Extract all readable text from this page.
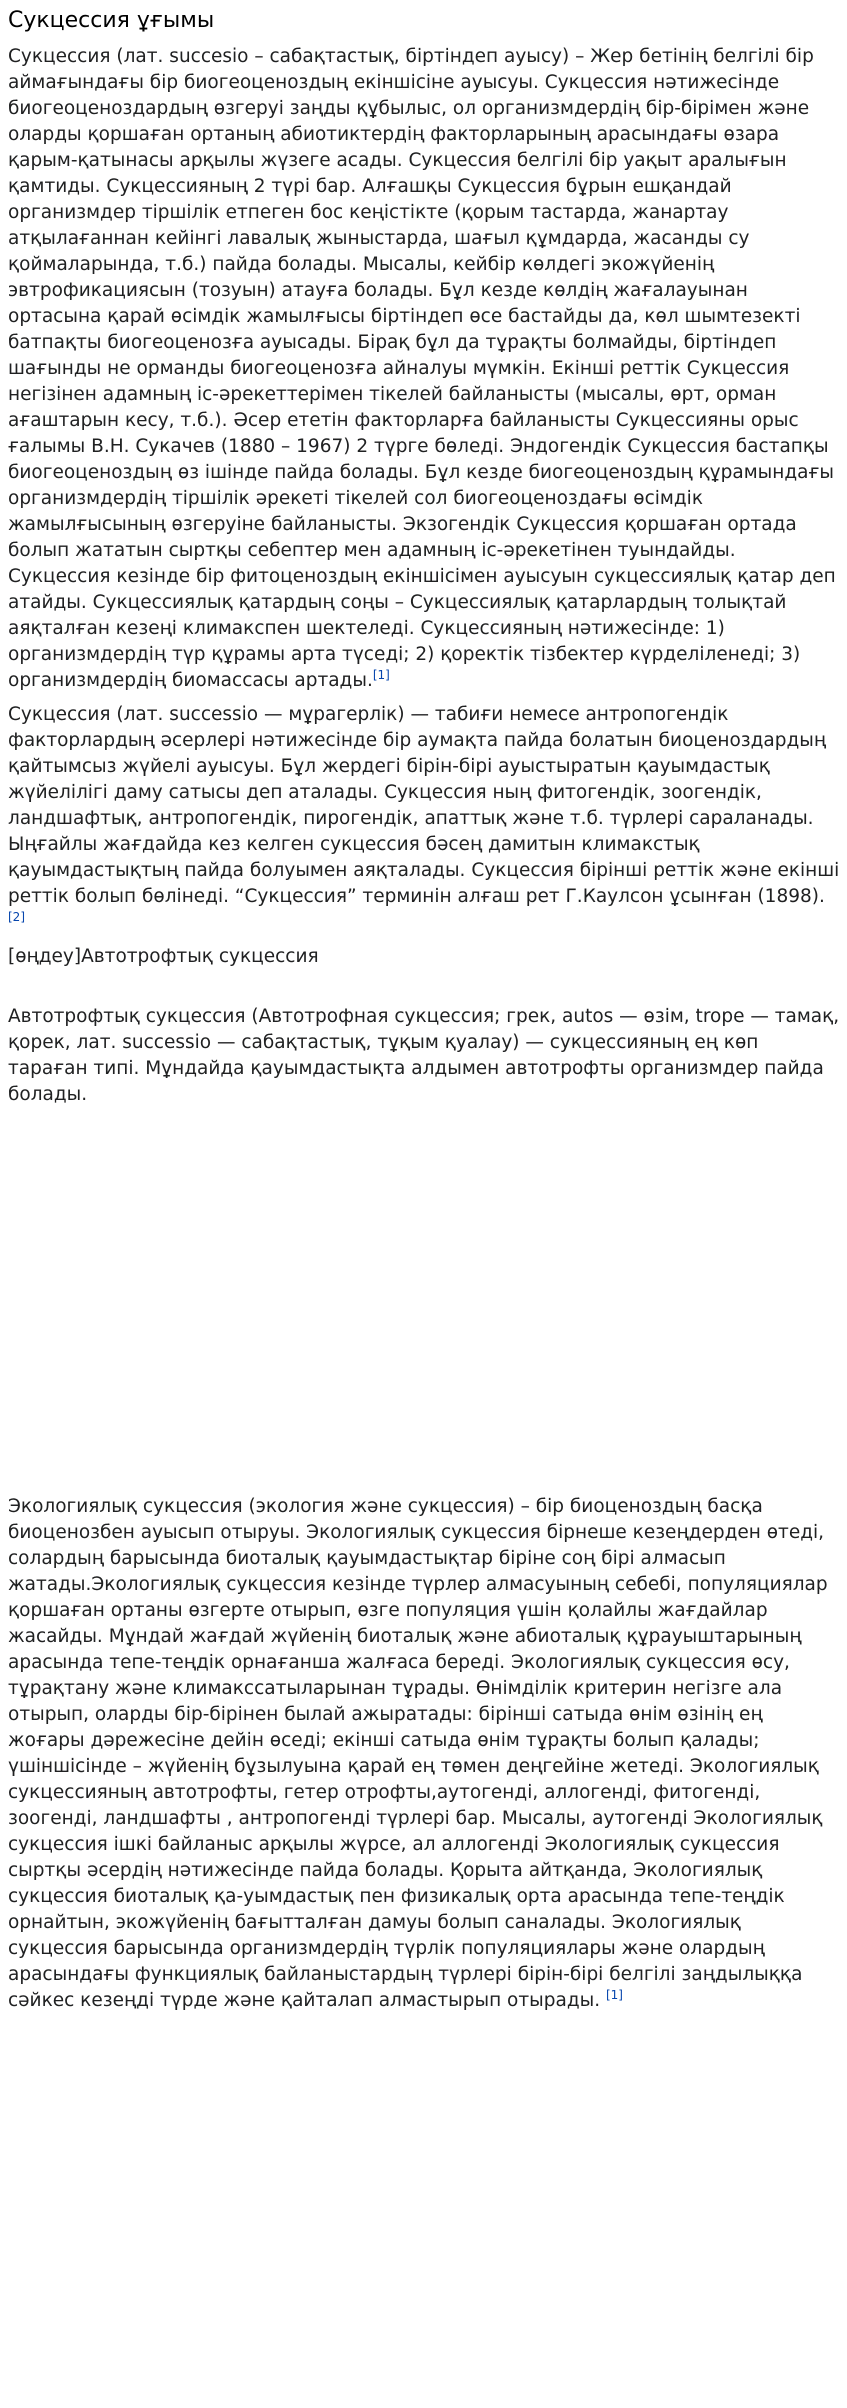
Сукцессия ұғымы

Сукцессия (лат. succesio – сабақтастық, біртіндеп ауысу) – Жер бетінің белгілі бір аймағындағы бір биогеоценоздың екіншісіне ауысуы. Сукцессия нәтижесінде биогеоценоздардың өзгеруі заңды құбылыс, ол организмдердің бір-бірімен және оларды қоршаған ортаның абиотиктердің факторларының арасындағы өзара қарым-қатынасы арқылы жүзеге асады. Сукцессия белгілі бір уақыт аралығын қамтиды. Сукцессияның 2 түрі бар. Алғашқы Сукцессия бұрын ешқандай организмдер тіршілік етпеген бос кеңістікте (қорым тастарда, жанартау атқылағаннан кейінгі лавалық жыныстарда, шағыл құмдарда, жасанды су қоймаларында, т.б.) пайда болады. Мысалы, кейбір көлдегі экожүйенің эвтрофикациясын (тозуын) атауға болады. Бұл кезде көлдің жағалауынан ортасына қарай өсімдік жамылғысы біртіндеп өсе бастайды да, көл шымтезекті батпақты биогеоценозға ауысады. Бірақ бұл да тұрақты болмайды, біртіндеп шағынды не орманды биогеоценозға айналуы мүмкін. Екінші реттік Сукцессия негізінен адамның іс-әрекеттерімен тікелей байланысты (мысалы, өрт, орман ағаштарын кесу, т.б.). Әсер ететін факторларға байланысты Сукцессияны орыс ғалымы В.Н. Сукачев (1880 – 1967) 2 түрге бөледі. Эндогендік Сукцессия бастапқы биогеоценоздың өз ішінде пайда болады. Бұл кезде биогеоценоздың құрамындағы организмдердің тіршілік әрекеті тікелей сол биогеоценоздағы өсімдік жамылғысының өзгеруіне байланысты. Экзогендік Сукцессия қоршаған ортада болып жататын сыртқы себептер мен адамның іс-әрекетінен туындайды. Сукцессия кезінде бір фитоценоздың екіншісімен ауысуын сукцессиялық қатар деп атайды. Сукцессиялық қатардың соңы – Сукцессиялық қатарлардың толықтай аяқталған кезеңі климакспен шектеледі. Сукцессияның нәтижесінде: 1) организмдердің түр құрамы арта түседі; 2) қоректік тізбектер күрделіленеді; 3) организмдердің биомассасы артады.[1]

Сукцессия (лат. successio — мұрагерлік) — табиғи немесе антропогендік факторлардың әсерлері нәтижесінде бір аумақта пайда болатын биоценоздардың қайтымсыз жүйелі ауысуы. Бұл жердегі бірін-бірі ауыстыратын қауымдастық жүйелілігі даму сатысы деп аталады. Сукцессия ның фитогендік, зоогендік, ландшафтық, антропогендік, пирогендік, апаттық және т.б. түрлері сараланады. Ыңғайлы жағдайда кез келген сукцессия бәсең дамитын климакстық қауымдастықтың пайда болуымен аяқталады. Сукцессия бірінші реттік және екінші реттік болып бөлінеді. “Сукцессия” терминін алғаш рет Г.Каулсон ұсынған (1898).[2]

[өңдеу]Автотрофтық сукцессия

Автотрофтық сукцессия (Автотрофная сукцессия; грек, autos — өзім, trope — тамақ, қорек, лат. successio — сабақтастық, тұқым қуалау) — сукцессияның ең көп тараған типі. Мұндайда қауымдастықта алдымен автотрофты организмдер пайда болады.

Экологиялық сукцессия (экология және сукцессия) – бір биоценоздың басқа биоценозбен ауысып отыруы. Экологиялық сукцессия бірнеше кезеңдерден өтеді, солардың барысында биоталық қауымдастықтар біріне соң бірі алмасып жатады.Экологиялық сукцессия кезінде түрлер алмасуының себебі, популяциялар қоршаған ортаны өзгерте отырып, өзге популяция үшін қолайлы жағдайлар жасайды. Мұндай жағдай жүйенің биоталық және абиоталық құрауыштарының арасында тепе-теңдік орнағанша жалғаса береді. Экологиялық сукцессия өсу, тұрақтану және климакссатыларынан тұрады. Өнімділік критерин негізге ала отырып, оларды бір-бірінен былай ажыратады: бірінші сатыда өнім өзінің ең жоғары дәрежесіне дейін өседі; екінші сатыда өнім тұрақты болып қалады; үшіншісінде – жүйенің бұзылуына қарай ең төмен деңгейіне жетеді. Экологиялық сукцессияның автотрофты, гетер отрофты,аутогенді, аллогенді, фитогенді, зоогенді, ландшафты , антропогенді түрлері бар. Мысалы, аутогенді Экологиялық сукцессия ішкі байланыс арқылы жүрсе, ал аллогенді Экологиялық сукцессия сыртқы әсердің нәтижесінде пайда болады. Қорыта айтқанда, Экологиялық сукцессия биоталық қа-уымдастық пен физикалық орта арасында тепе-теңдік орнайтын, экожүйенің бағытталған дамуы болып саналады. Экологиялық сукцессия барысында организмдердің түрлік популяциялары және олардың арасындағы функциялық байланыстардың түрлері бірін-бірі белгілі заңдылыққа сәйкес кезеңді түрде және қайталап алмастырып отырады. [1]
